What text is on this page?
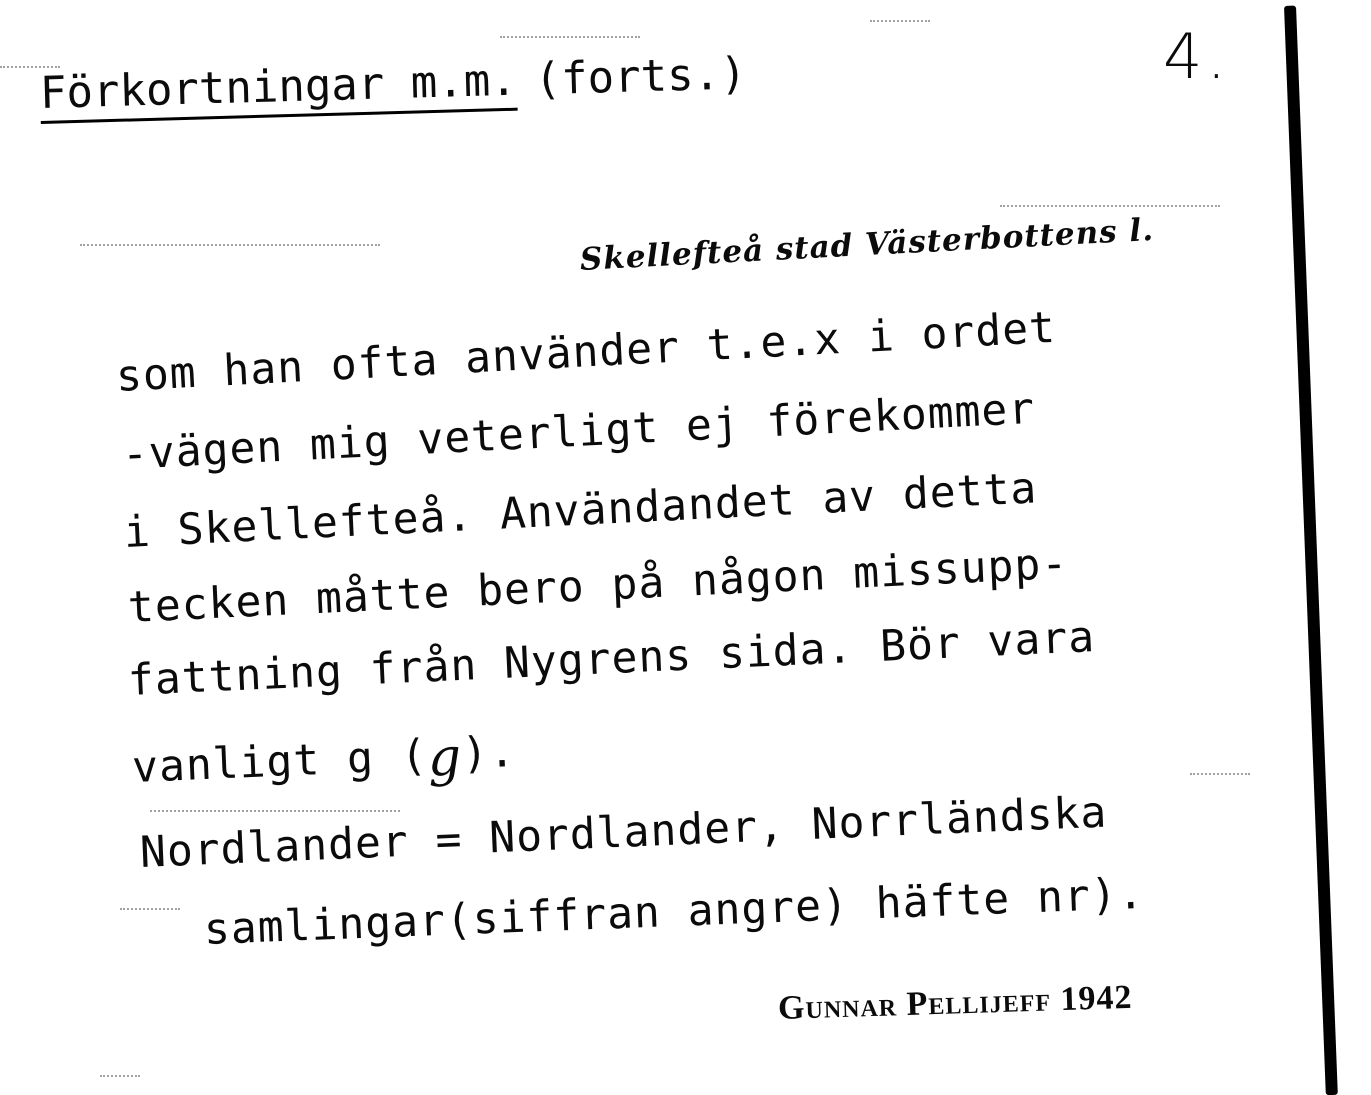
4.
Förkortningar m.m. (forts.)
Skellefteå stad Västerbottens l.
som han ofta använder t.e.x i ordet
-vägen mig veterligt ej förekommer
i Skellefteå. Användandet av detta
tecken måtte bero på någon missupp-
fattning från Nygrens sida. Bör vara
vanligt g (g).
Nordlander = Nordlander, Norrländska
samlingar(siffran angre) häfte nr).
Gunnar Pellijeff 1942
